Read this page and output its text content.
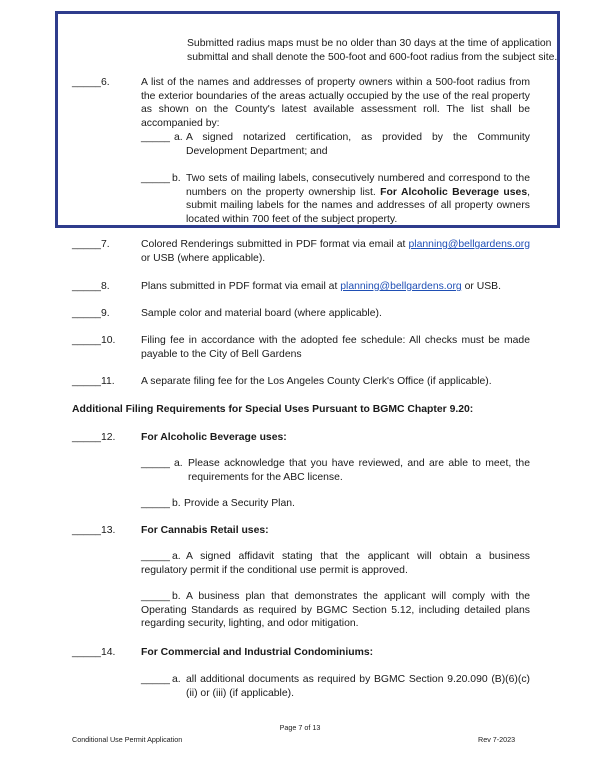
Submitted radius maps must be no older than 30 days at the time of application
submittal and shall denote the 500-foot and 600-foot radius from the subject site.
_____ 6.	A list of the names and addresses of property owners within a 500-foot radius from the exterior boundaries of the areas actually occupied by the use of the real property as shown on the County's latest available assessment roll. The list shall be accompanied by:
_____ a. A signed notarized certification, as provided by the Community Development Department; and
_____ b. Two sets of mailing labels, consecutively numbered and correspond to the numbers on the property ownership list. For Alcoholic Beverage uses, submit mailing labels for the names and addresses of all property owners located within 700 feet of the subject property.
_____ 7.	Colored Renderings submitted in PDF format via email at planning@bellgardens.org or USB (where applicable).
_____ 8.	Plans submitted in PDF format via email at planning@bellgardens.org or USB.
_____ 9.	Sample color and material board (where applicable).
_____ 10. Filing fee in accordance with the adopted fee schedule: All checks must be made payable to the City of Bell Gardens
_____ 11.	A separate filing fee for the Los Angeles County Clerk's Office (if applicable).
Additional Filing Requirements for Special Uses Pursuant to BGMC Chapter 9.20:
_____ 12. For Alcoholic Beverage uses:
_____ a. Please acknowledge that you have reviewed, and are able to meet, the requirements for the ABC license.
_____ b. Provide a Security Plan.
_____ 13. For Cannabis Retail uses:
A signed affidavit stating that the applicant will obtain a business regulatory permit if the conditional use permit is approved.
_____ a.
A business plan that demonstrates the applicant will comply with the Operating Standards as required by BGMC Section 5.12, including detailed plans regarding security, lighting, and odor mitigation.
_____ b.
_____ 14. For Commercial and Industrial Condominiums:
_____ a. all additional documents as required by BGMC Section 9.20.090 (B)(6)(c)(ii) or (iii) (if applicable).
Page 7 of 13
Conditional Use Permit Application	Rev 7-2023
